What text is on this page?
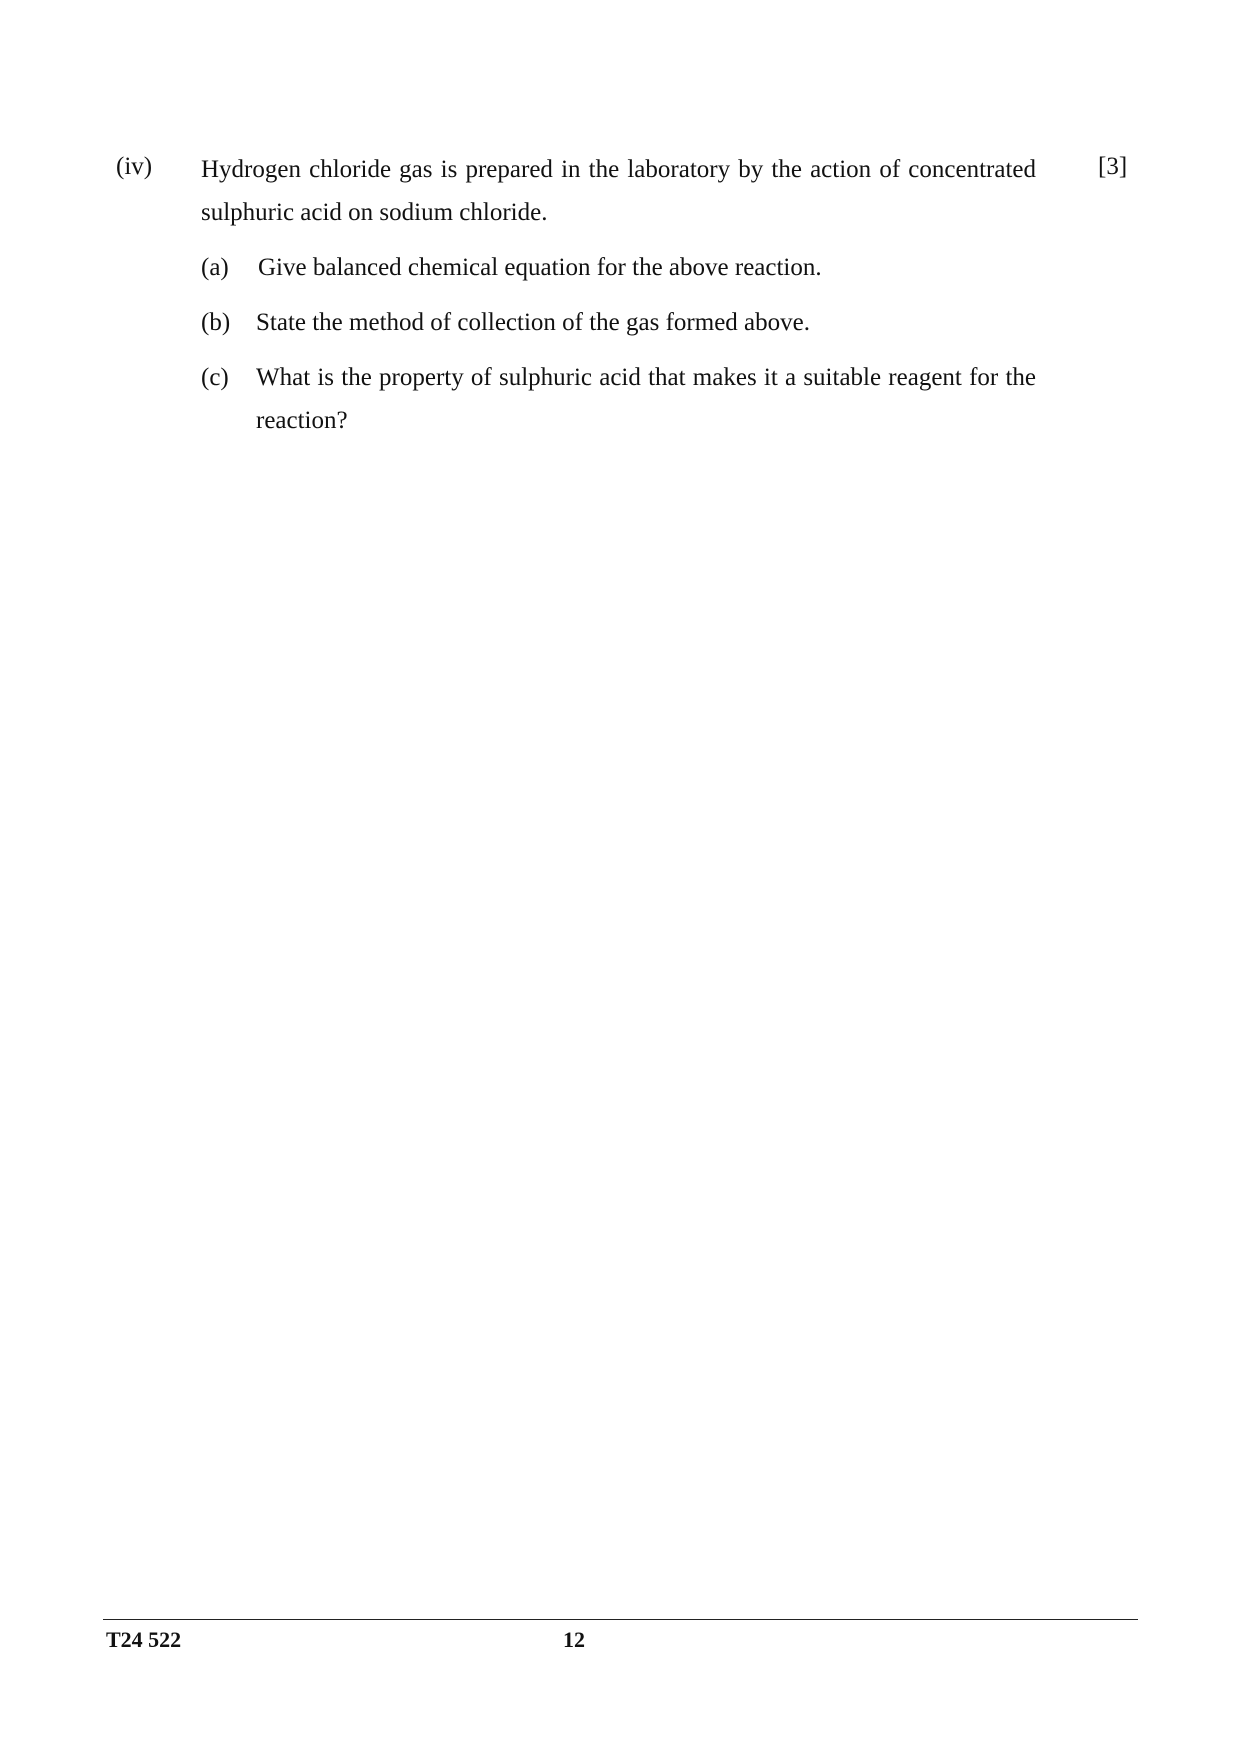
(iv) Hydrogen chloride gas is prepared in the laboratory by the action of concentrated sulphuric acid on sodium chloride.
[3]
(a) Give balanced chemical equation for the above reaction.
(b) State the method of collection of the gas formed above.
(c) What is the property of sulphuric acid that makes it a suitable reagent for the reaction?
T24 522	12
